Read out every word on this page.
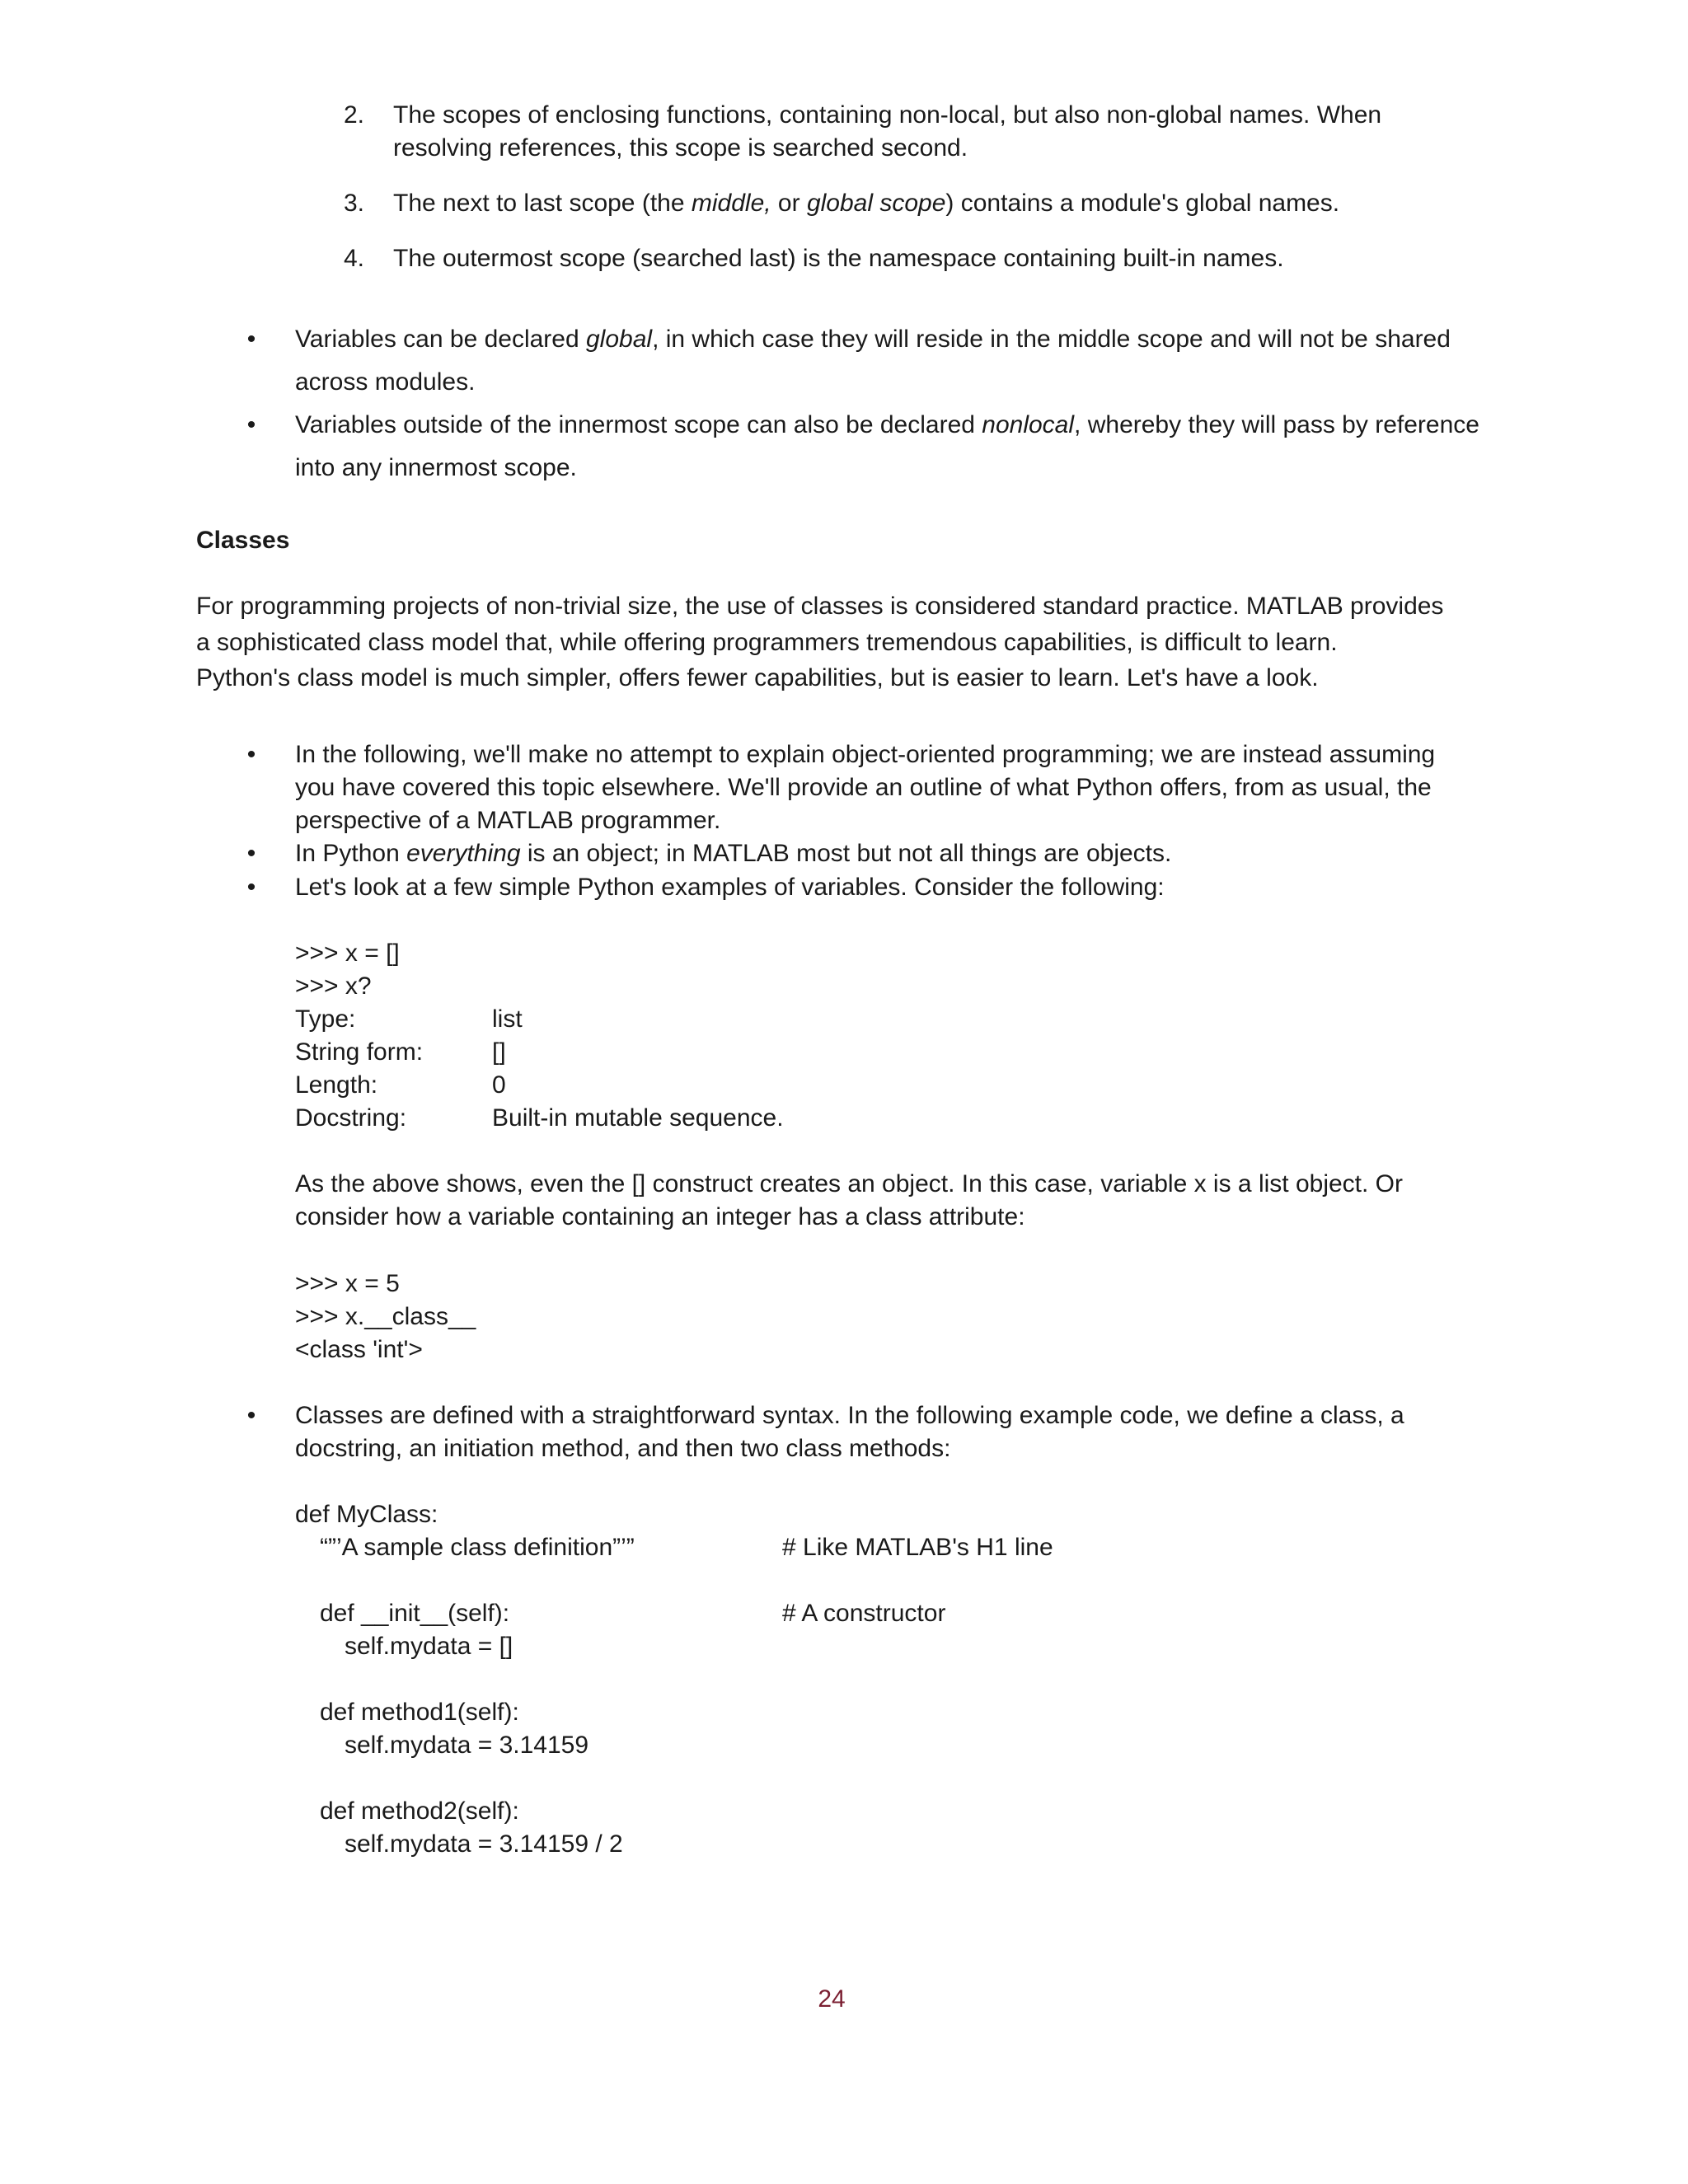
2. The scopes of enclosing functions, containing non-local, but also non-global names. When
resolving references, this scope is searched second.
3. The next to last scope (the middle, or global scope) contains a module's global names.
4. The outermost scope (searched last) is the namespace containing built-in names.
•	Variables can be declared global, in which case they will reside in the middle scope and will not be shared
across modules.
•	Variables outside of the innermost scope can also be declared nonlocal, whereby they will pass by reference
into any innermost scope.
Classes
For programming projects of non-trivial size, the use of classes is considered standard practice. MATLAB provides
a sophisticated class model that, while offering programmers tremendous capabilities, is difficult to learn.
Python's class model is much simpler, offers fewer capabilities, but is easier to learn. Let's have a look.
•	In the following, we'll make no attempt to explain object-oriented programming; we are instead assuming
you have covered this topic elsewhere. We'll provide an outline of what Python offers, from as usual, the
perspective of a MATLAB programmer.
•	In Python everything is an object; in MATLAB most but not all things are objects.
•	Let's look at a few simple Python examples of variables. Consider the following:
>>> x = []
>>> x?
Type:	list
String form:	[]
Length:	0
Docstring:	Built-in mutable sequence.
As the above shows, even the [] construct creates an object. In this case, variable x is a list object. Or
consider how a variable containing an integer has a class attribute:
>>> x = 5
>>> x.__class__
<class 'int'>
•	Classes are defined with a straightforward syntax. In the following example code, we define a class, a
docstring, an initiation method, and then two class methods:
def MyClass:
“”’A sample class definition”’”	# Like MATLAB's H1 line
def __init__(self):	# A constructor
self.mydata = []
def method1(self):
self.mydata = 3.14159
def method2(self):
self.mydata = 3.14159 / 2
24
